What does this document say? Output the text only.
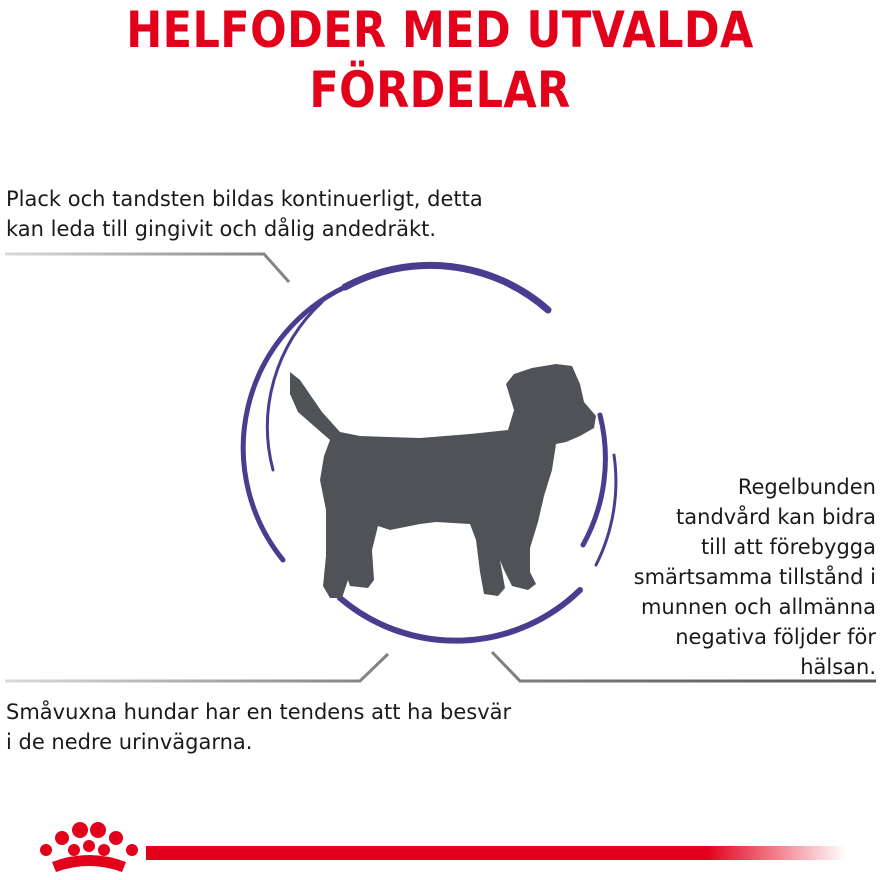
HELFODER MED UTVALDA
FÖRDELAR

Plack och tandsten bildas kontinuerligt, detta
kan leda till gingivit och dålig andedräkt.

Regelbunden
tandvård kan bidra
till att förebygga
smärtsamma tillstånd i
munnen och allmänna
negativa följder för
hälsan.

Småvuxna hundar har en tendens att ha besvär
i de nedre urinvägarna.
